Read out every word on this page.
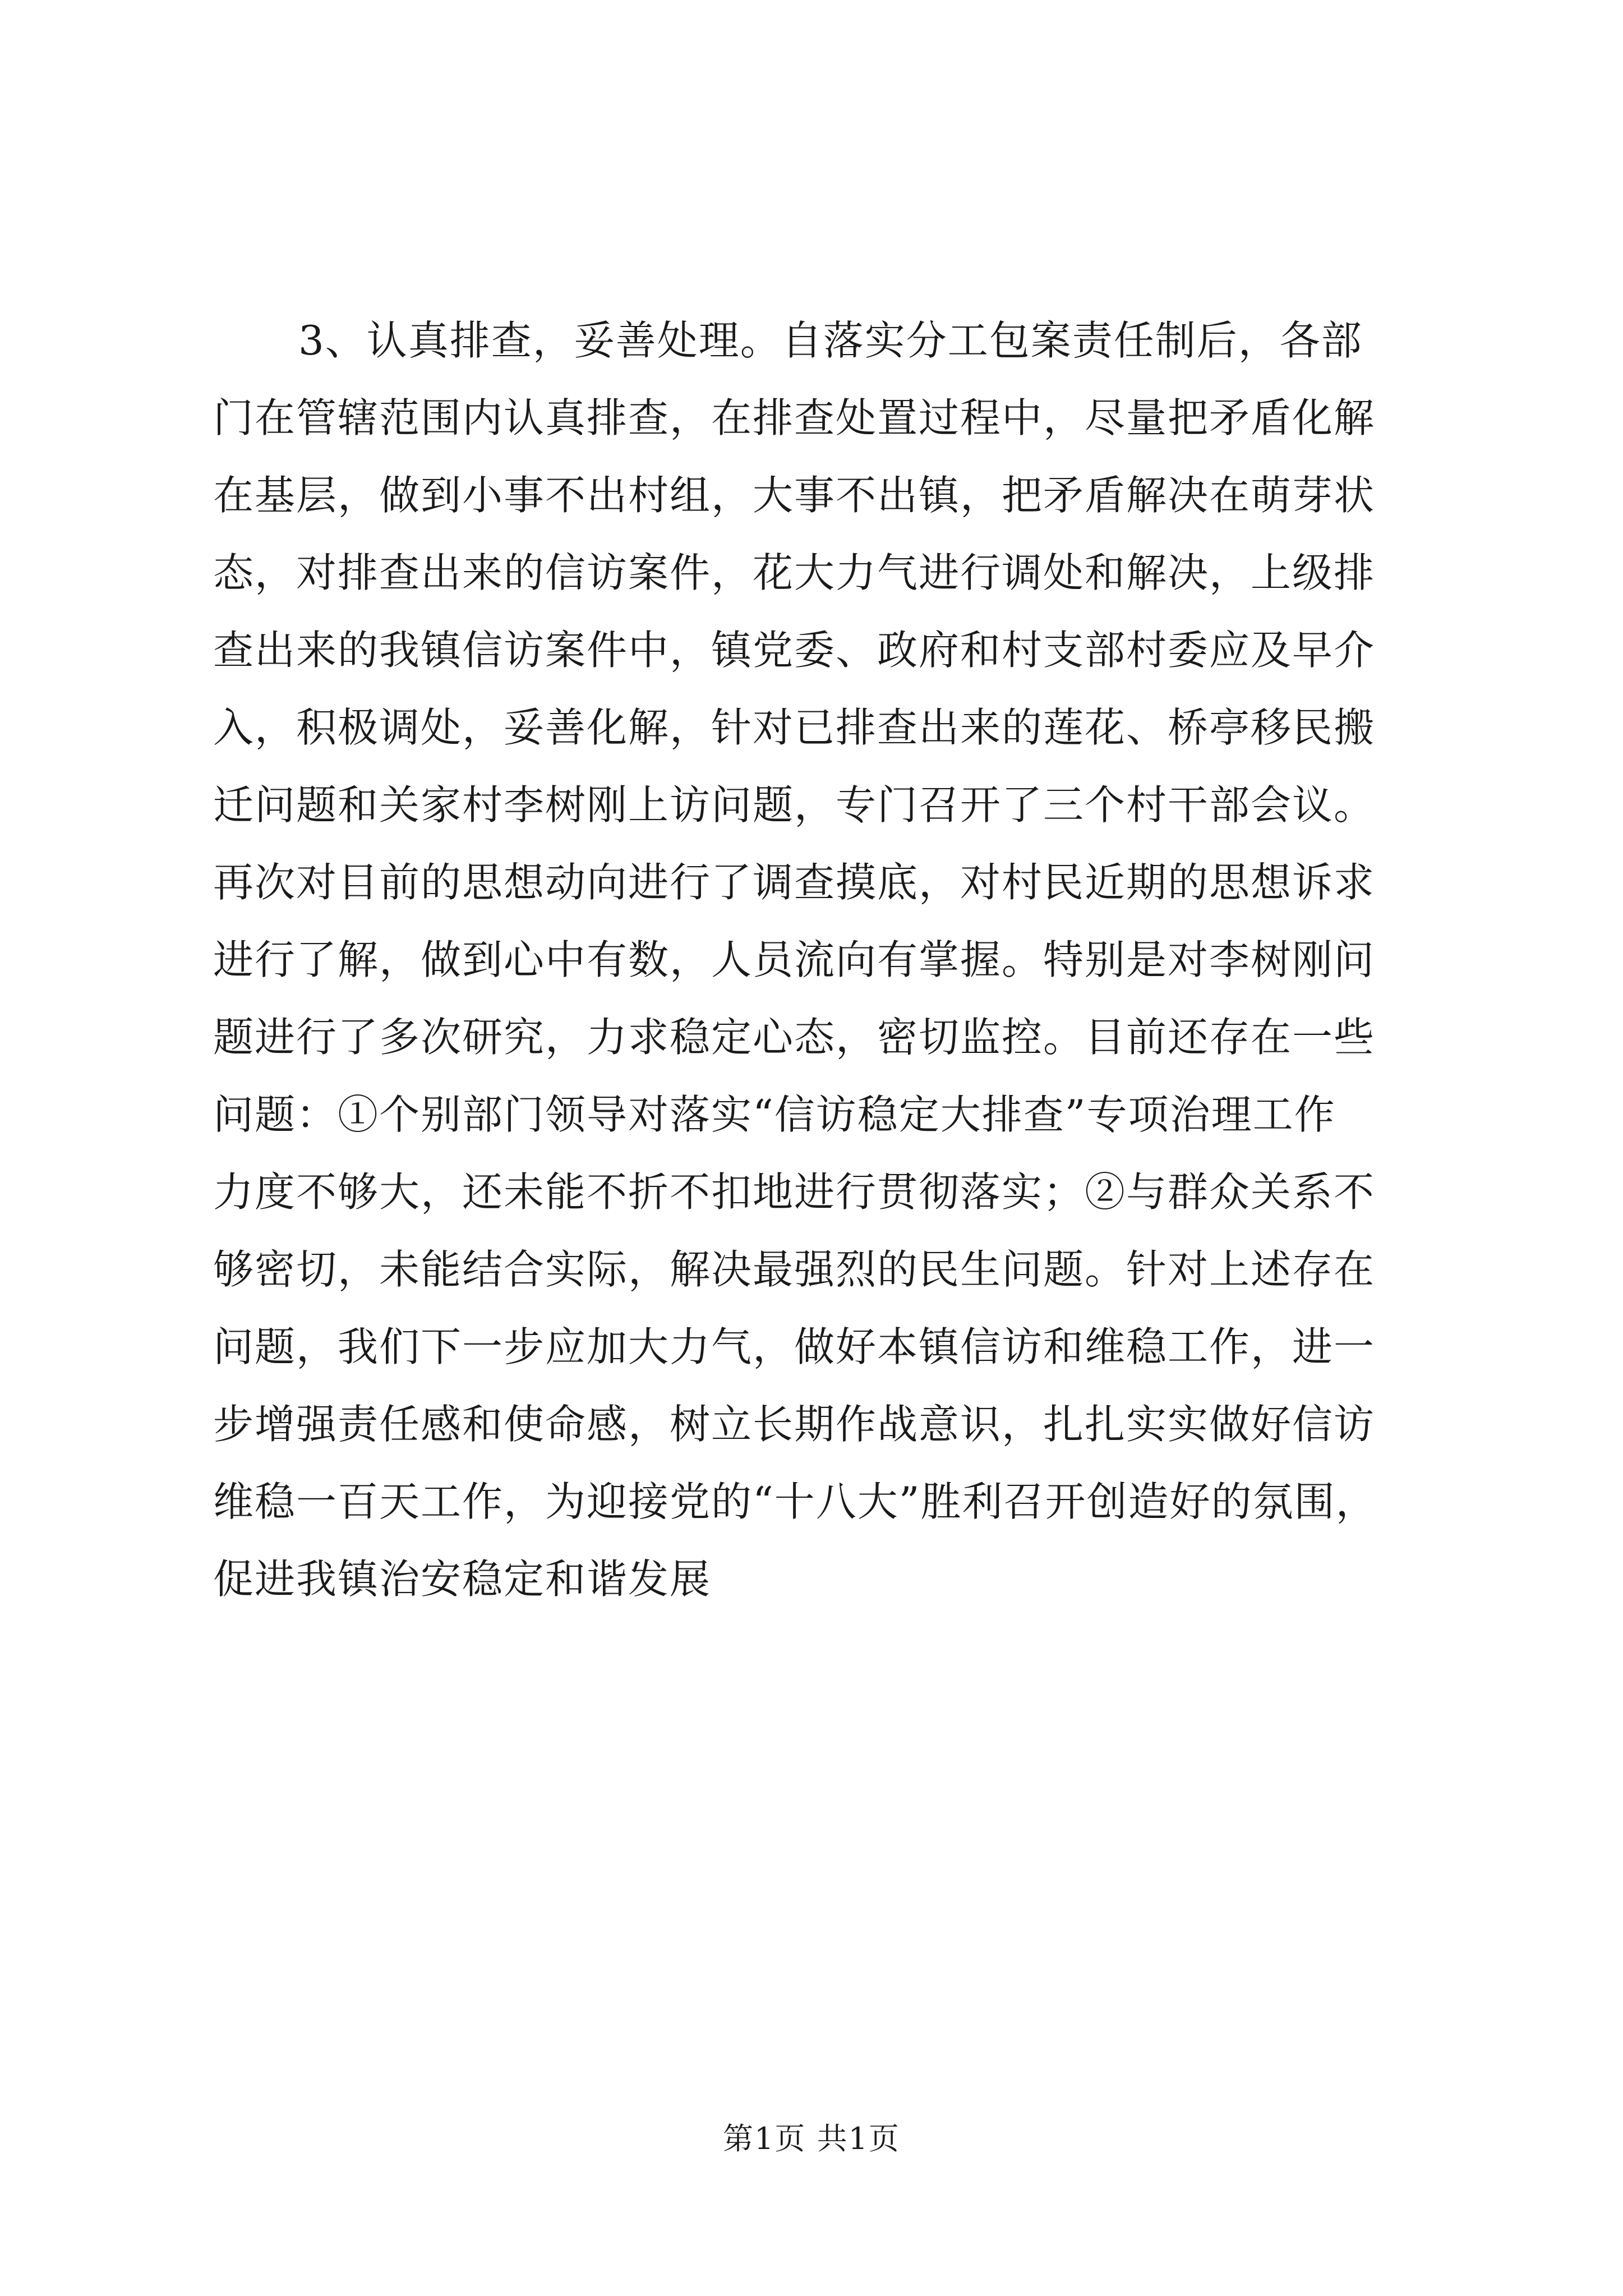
3、认真排查，妥善处理。自落实分工包案责任制后，各部
门在管辖范围内认真排查，在排查处置过程中，尽量把矛盾化解
在基层，做到小事不出村组，大事不出镇，把矛盾解决在萌芽状
态，对排查出来的信访案件，花大力气进行调处和解决，上级排
查出来的我镇信访案件中，镇党委、政府和村支部村委应及早介
入，积极调处，妥善化解，针对已排查出来的莲花、桥亭移民搬
迁问题和关家村李树刚上访问题，专门召开了三个村干部会议。
再次对目前的思想动向进行了调查摸底，对村民近期的思想诉求
进行了解，做到心中有数，人员流向有掌握。特别是对李树刚问
题进行了多次研究，力求稳定心态，密切监控。目前还存在一些
问题：①个别部门领导对落实“信访稳定大排查”专项治理工作
力度不够大，还未能不折不扣地进行贯彻落实；②与群众关系不
够密切，未能结合实际，解决最强烈的民生问题。针对上述存在
问题，我们下一步应加大力气，做好本镇信访和维稳工作，进一
步增强责任感和使命感，树立长期作战意识，扎扎实实做好信访
维稳一百天工作，为迎接党的“十八大”胜利召开创造好的氛围，
促进我镇治安稳定和谐发展

第1页 共1页
